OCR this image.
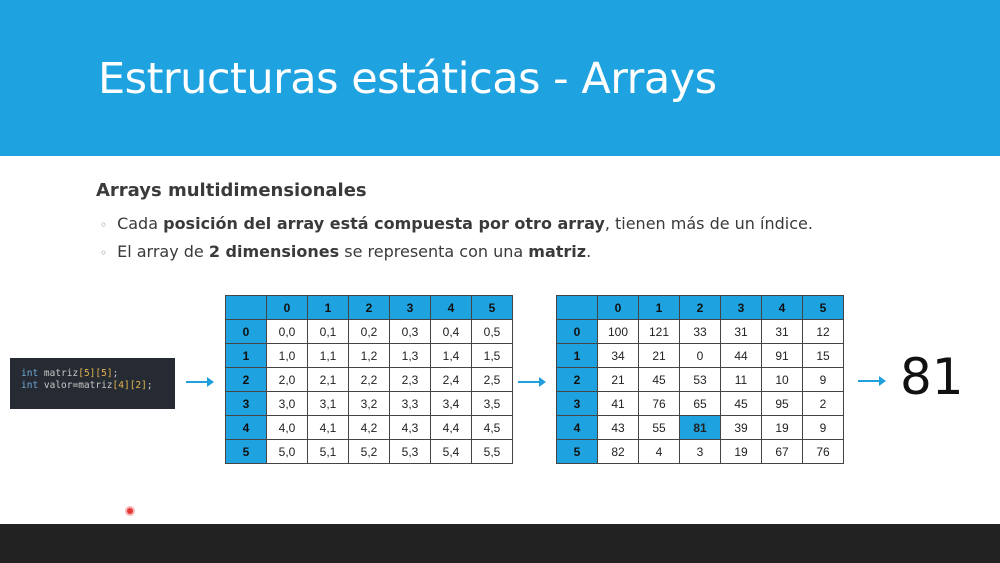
Estructuras estáticas - Arrays
Arrays multidimensionales
◦ Cada posición del array está compuesta por otro array, tienen más de un índice.
◦ El array de 2 dimensiones se representa con una matriz.
int matriz[5][5];
int valor=matriz[4][2];
	0	1	2	3	4	5
0	0,0	0,1	0,2	0,3	0,4	0,5
1	1,0	1,1	1,2	1,3	1,4	1,5
2	2,0	2,1	2,2	2,3	2,4	2,5
3	3,0	3,1	3,2	3,3	3,4	3,5
4	4,0	4,1	4,2	4,3	4,4	4,5
5	5,0	5,1	5,2	5,3	5,4	5,5
	0	1	2	3	4	5
0	100	121	33	31	31	12
1	34	21	0	44	91	15
2	21	45	53	11	10	9
3	41	76	65	45	95	2
4	43	55	81	39	19	9
5	82	4	3	19	67	76
81
